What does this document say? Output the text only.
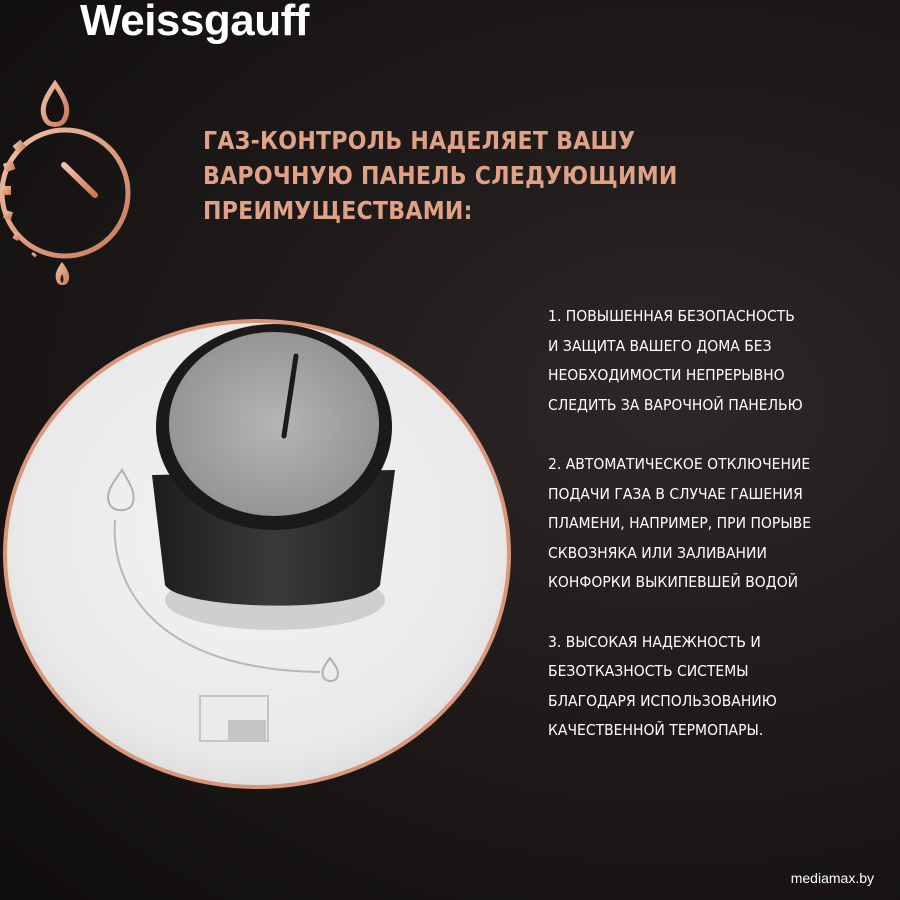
Weissgauff
ГАЗ-КОНТРОЛЬ НАДЕЛЯЕТ ВАШУ
ВАРОЧНУЮ ПАНЕЛЬ СЛЕДУЮЩИМИ
ПРЕИМУЩЕСТВАМИ:
1. ПОВЫШЕННАЯ БЕЗОПАСНОСТЬ
И ЗАЩИТА ВАШЕГО ДОМА БЕЗ
НЕОБХОДИМОСТИ НЕПРЕРЫВНО
СЛЕДИТЬ ЗА ВАРОЧНОЙ ПАНЕЛЬЮ
2. АВТОМАТИЧЕСКОЕ ОТКЛЮЧЕНИЕ
ПОДАЧИ ГАЗА В СЛУЧАЕ ГАШЕНИЯ
ПЛАМЕНИ, НАПРИМЕР, ПРИ ПОРЫВЕ
СКВОЗНЯКА ИЛИ ЗАЛИВАНИИ
КОНФОРКИ ВЫКИПЕВШЕЙ ВОДОЙ
3. ВЫСОКАЯ НАДЕЖНОСТЬ И
БЕЗОТКАЗНОСТЬ СИСТЕМЫ
БЛАГОДАРЯ ИСПОЛЬЗОВАНИЮ
КАЧЕСТВЕННОЙ ТЕРМОПАРЫ.
mediamax.by
